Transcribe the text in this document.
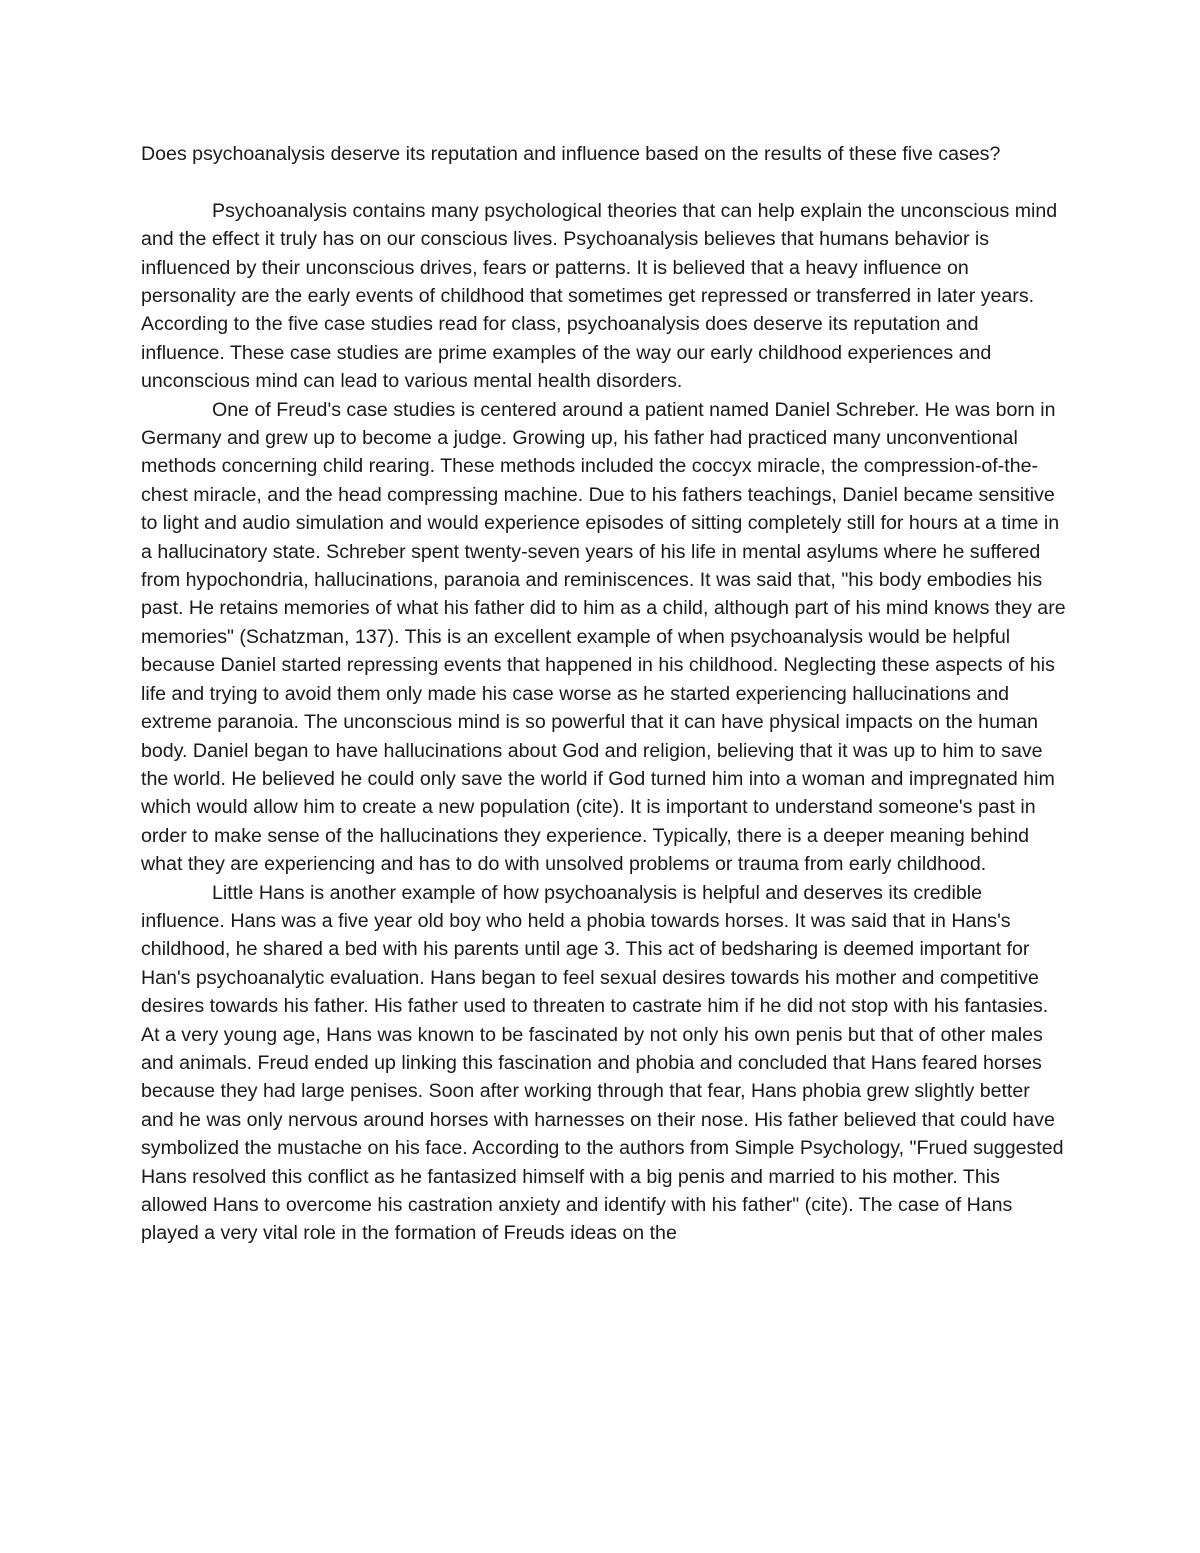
Does psychoanalysis deserve its reputation and influence based on the results of these five cases?

Psychoanalysis contains many psychological theories that can help explain the unconscious mind and the effect it truly has on our conscious lives. Psychoanalysis believes that humans behavior is influenced by their unconscious drives, fears or patterns. It is believed that a heavy influence on personality are the early events of childhood that sometimes get repressed or transferred in later years. According to the five case studies read for class, psychoanalysis does deserve its reputation and influence. These case studies are prime examples of the way our early childhood experiences and unconscious mind can lead to various mental health disorders.

One of Freud's case studies is centered around a patient named Daniel Schreber. He was born in Germany and grew up to become a judge. Growing up, his father had practiced many unconventional methods concerning child rearing. These methods included the coccyx miracle, the compression-of-the-chest miracle, and the head compressing machine. Due to his fathers teachings, Daniel became sensitive to light and audio simulation and would experience episodes of sitting completely still for hours at a time in a hallucinatory state. Schreber spent twenty-seven years of his life in mental asylums where he suffered from hypochondria, hallucinations, paranoia and reminiscences. It was said that, "his body embodies his past. He retains memories of what his father did to him as a child, although part of his mind knows they are memories" (Schatzman, 137). This is an excellent example of when psychoanalysis would be helpful because Daniel started repressing events that happened in his childhood. Neglecting these aspects of his life and trying to avoid them only made his case worse as he started experiencing hallucinations and extreme paranoia. The unconscious mind is so powerful that it can have physical impacts on the human body. Daniel began to have hallucinations about God and religion, believing that it was up to him to save the world. He believed he could only save the world if God turned him into a woman and impregnated him which would allow him to create a new population (cite). It is important to understand someone's past in order to make sense of the hallucinations they experience. Typically, there is a deeper meaning behind what they are experiencing and has to do with unsolved problems or trauma from early childhood.

Little Hans is another example of how psychoanalysis is helpful and deserves its credible influence. Hans was a five year old boy who held a phobia towards horses. It was said that in Hans's childhood, he shared a bed with his parents until age 3. This act of bedsharing is deemed important for Han's psychoanalytic evaluation. Hans began to feel sexual desires towards his mother and competitive desires towards his father. His father used to threaten to castrate him if he did not stop with his fantasies. At a very young age, Hans was known to be fascinated by not only his own penis but that of other males and animals. Freud ended up linking this fascination and phobia and concluded that Hans feared horses because they had large penises. Soon after working through that fear, Hans phobia grew slightly better and he was only nervous around horses with harnesses on their nose. His father believed that could have symbolized the mustache on his face. According to the authors from Simple Psychology, "Frued suggested Hans resolved this conflict as he fantasized himself with a big penis and married to his mother. This allowed Hans to overcome his castration anxiety and identify with his father" (cite). The case of Hans played a very vital role in the formation of Freuds ideas on the
